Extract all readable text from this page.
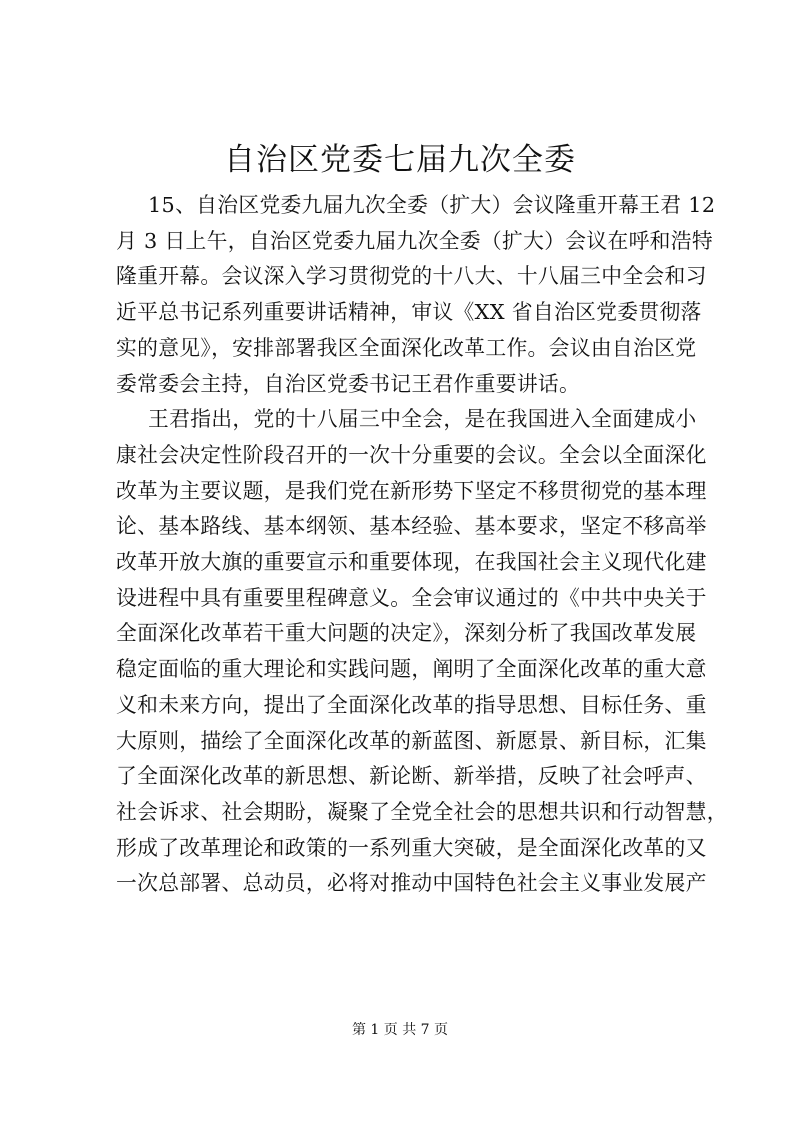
自治区党委七届九次全委

15、自治区党委九届九次全委（扩大）会议隆重开幕王君 12
月 3 日上午，自治区党委九届九次全委（扩大）会议在呼和浩特
隆重开幕。会议深入学习贯彻党的十八大、十八届三中全会和习
近平总书记系列重要讲话精神，审议《XX 省自治区党委贯彻落
实的意见》，安排部署我区全面深化改革工作。会议由自治区党
委常委会主持，自治区党委书记王君作重要讲话。

王君指出，党的十八届三中全会，是在我国进入全面建成小
康社会决定性阶段召开的一次十分重要的会议。全会以全面深化
改革为主要议题，是我们党在新形势下坚定不移贯彻党的基本理
论、基本路线、基本纲领、基本经验、基本要求，坚定不移高举
改革开放大旗的重要宣示和重要体现，在我国社会主义现代化建
设进程中具有重要里程碑意义。全会审议通过的《中共中央关于
全面深化改革若干重大问题的决定》，深刻分析了我国改革发展
稳定面临的重大理论和实践问题，阐明了全面深化改革的重大意
义和未来方向，提出了全面深化改革的指导思想、目标任务、重
大原则，描绘了全面深化改革的新蓝图、新愿景、新目标，汇集
了全面深化改革的新思想、新论断、新举措，反映了社会呼声、
社会诉求、社会期盼，凝聚了全党全社会的思想共识和行动智慧，
形成了改革理论和政策的一系列重大突破，是全面深化改革的又
一次总部署、总动员，必将对推动中国特色社会主义事业发展产

第 1 页 共 7 页
